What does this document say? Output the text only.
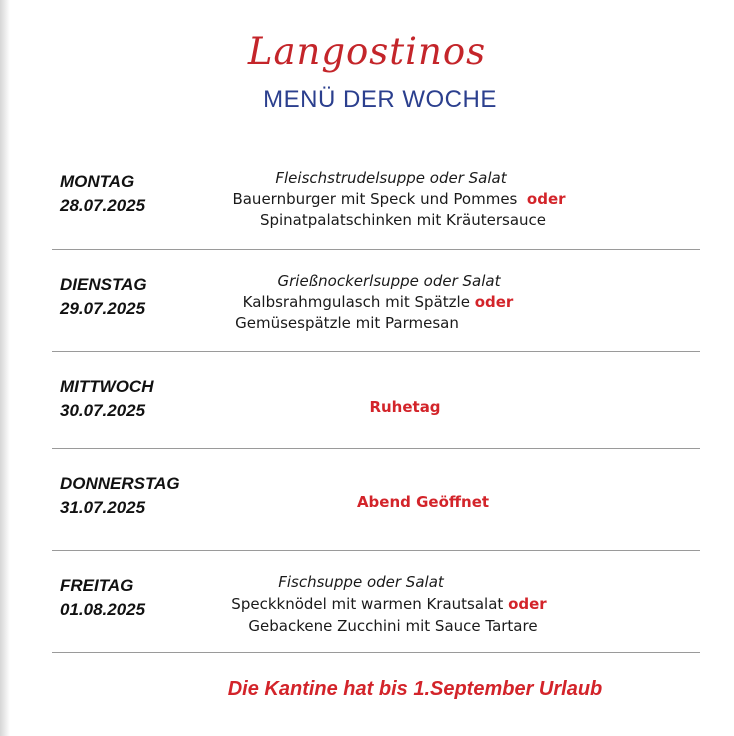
Langostinos
MENÜ DER WOCHE
MONTAG
28.07.2025
Fleischstrudelsuppe oder Salat
Bauernburger mit Speck und Pommes oder
Spinatpalatschinken mit Kräutersauce
DIENSTAG
29.07.2025
Grießnockerlsuppe oder Salat
Kalbsrahmgulasch mit Spätzle oder
Gemüsespätzle mit Parmesan
MITTWOCH
30.07.2025	Ruhetag
DONNERSTAG
31.07.2025	Abend Geöffnet
FREITAG
01.08.2025
Fischsuppe oder Salat
Speckknödel mit warmen Krautsalat oder
Gebackene Zucchini mit Sauce Tartare
Die Kantine hat bis 1.September Urlaub
